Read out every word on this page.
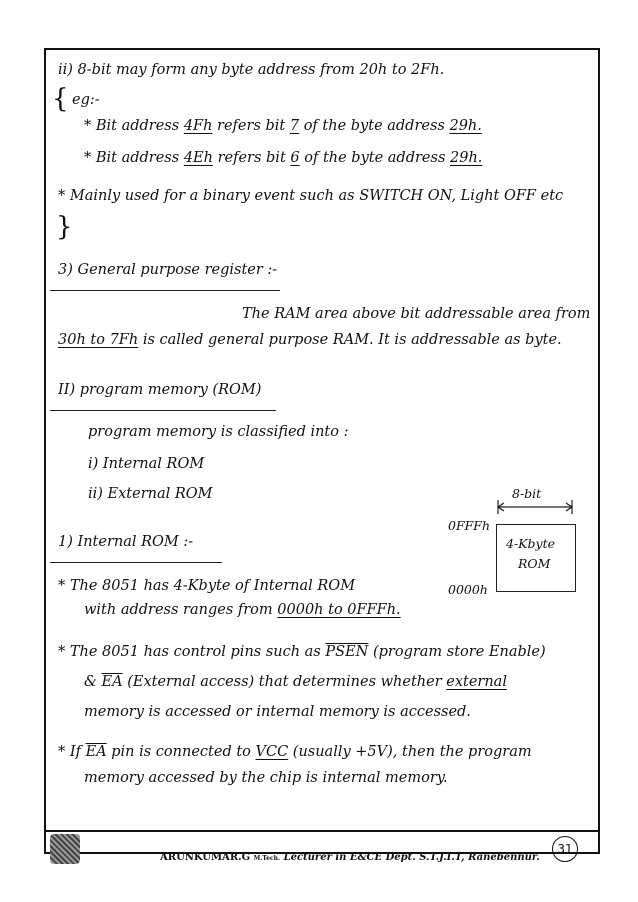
ii) 8-bit may form any byte address from 20h to 2Fh.
{ eg:-
* Bit address 4Fh refers bit 7 of the byte address 29h.
* Bit address 4Eh refers bit 6 of the byte address 29h.
* Mainly used for a binary event such as SWITCH ON, Light OFF etc
}
3) General purpose register :-
The RAM area above bit addressable area from
30h to 7Fh is called general purpose RAM. It is addressable as byte.
II) program memory (ROM)
program memory is classified into :
i) Internal ROM
ii) External ROM	8-bit
0FFFh
4-Kbyte
ROM
0000h
1) Internal ROM :-
* The 8051 has 4-Kbyte of Internal ROM
with address ranges from 0000h to 0FFFh.
* The 8051 has control pins such as PSEN (program store Enable)
& $\overline{EA}$ (External access) that determines whether external
memory is accessed or internal memory is accessed.
* If $\overline{EA}$ pin is connected to VCC (usually +5V), then the program
memory accessed by the chip is internal memory.
ARUNKUMAR.G M.Tech. Lecturer in E&CE Dept. S.T.J.I.T, Ranebennur.
31
